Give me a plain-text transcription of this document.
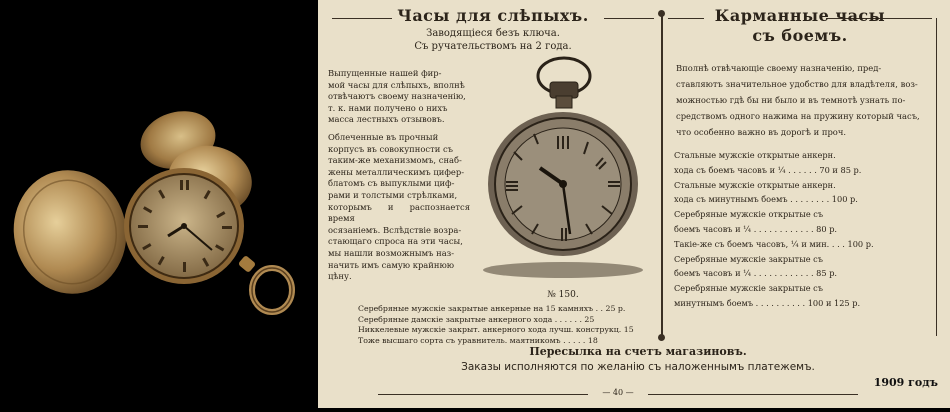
Часы для слѣпыхъ.
Заводящiеся безъ ключа.
Съ ручательствомъ на 2 года.
Выпущенные нашей фир-
мой часы для слѣпыхъ, вполнѣ
отвѣчаютъ своему назначенiю,
т. к. нами получено о нихъ
масса лестныхъ отзывовъ.

Облеченные въ прочный
корпусъ въ совокупности съ
таким-же механизмомъ, снаб-
жены металлическимъ цифер-
блатомъ съ выпуклыми циф-
рами и толстыми стрѣлками,
которымъ и распознается время
осязанiемъ. Вслѣдствiе возра-
стающаго спроса на эти часы,
мы нашли возможнымъ наз-
начить имъ самую крайнюю
цѣну.
№ 150.
Серебряные мужскiе закрытые анкерные на 15 камняхъ . . 25 р.
Серебряные дамскiе закрытые анкерного хода . . . . . . 25
Никкелевые мужскiе закрыт. анкерного хода лучш. конструкц. 15
Тоже высшаго сорта съ уравнитель. маятникомъ . . . . . 18
Карманные часы
съ боемъ.
Вполнѣ отвѣчающiе своему назначенiю, пред-
ставляютъ значительное удобство для владѣтеля, воз-
можностью гдѣ бы ни было и въ темнотѣ узнать по-
средствомъ одного нажима на пружину который часъ,
что особенно важно въ дорогѣ и проч.
Стальные мужскiе открытые анкерн.
хода съ боемъ часовъ и ¼ . . . . . . 70 и 85 р.
Стальные мужскiе открытые анкерн.
хода съ минутнымъ боемъ . . . . . . . . 100 р.
Серебряные мужскiе открытые съ
боемъ часовъ и ¼ . . . . . . . . . . . . 80 р.
Такiе-же съ боемъ часовъ, ¼ и мин. . . . 100 р.
Серебряные мужскiе закрытые съ
боемъ часовъ и ¼ . . . . . . . . . . . . 85 р.
Серебряные мужскiе закрытые съ
минутнымъ боемъ . . . . . . . . . . 100 и 125 р.
Пересылка на счетъ магазиновъ.
Заказы исполняются по желанiю съ наложеннымъ платежемъ.
— 40 —
1909 годъ
